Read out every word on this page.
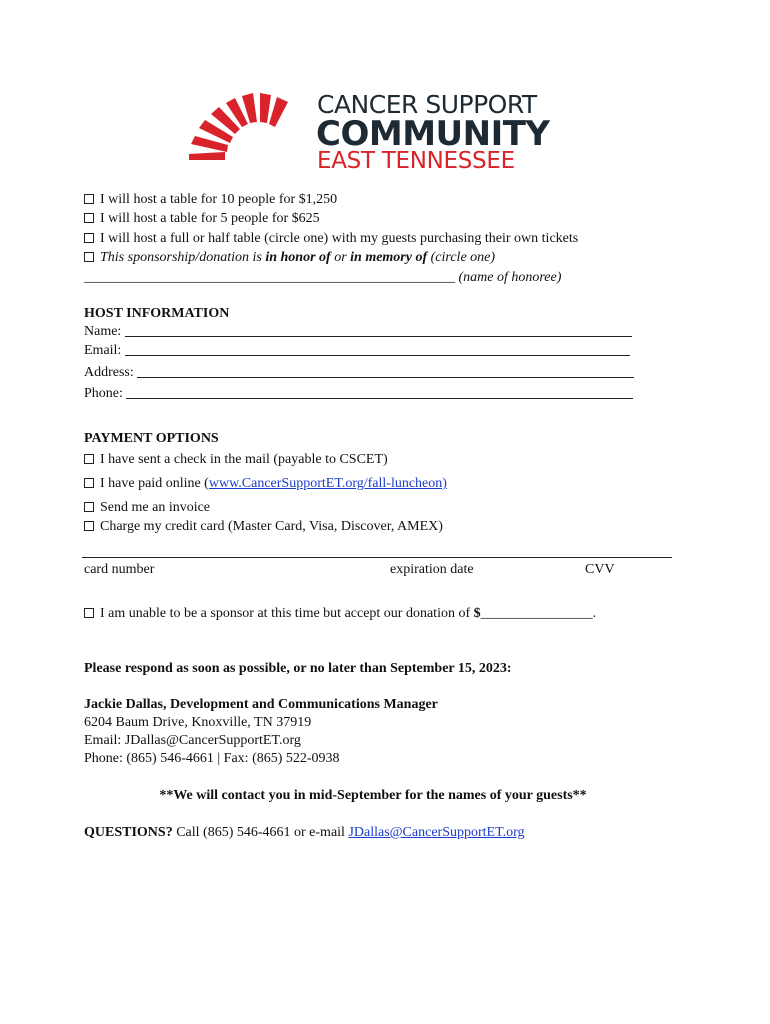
CANCER SUPPORT
COMMUNITY
EAST TENNESSEE
I will host a table for 10 people for $1,250
I will host a table for 5 people for $625
I will host a full or half table (circle one) with my guests purchasing their own tickets
This sponsorship/donation is in honor of or in memory of (circle one)
_____________________________________________________ (name of honoree)
HOST INFORMATION
Name:
Email:
Address:
Phone:
PAYMENT OPTIONS
I have sent a check in the mail (payable to CSCET)
I have paid online (www.CancerSupportET.org/fall-luncheon)
Send me an invoice
Charge my credit card (Master Card, Visa, Discover, AMEX)
card number	expiration date	CVV
I am unable to be a sponsor at this time but accept our donation of $________________.
Please respond as soon as possible, or no later than September 15, 2023:
Jackie Dallas, Development and Communications Manager
6204 Baum Drive, Knoxville, TN 37919
Email: JDallas@CancerSupportET.org
Phone: (865) 546-4661 | Fax: (865) 522-0938
**We will contact you in mid-September for the names of your guests**
QUESTIONS? Call (865) 546-4661 or e-mail JDallas@CancerSupportET.org
